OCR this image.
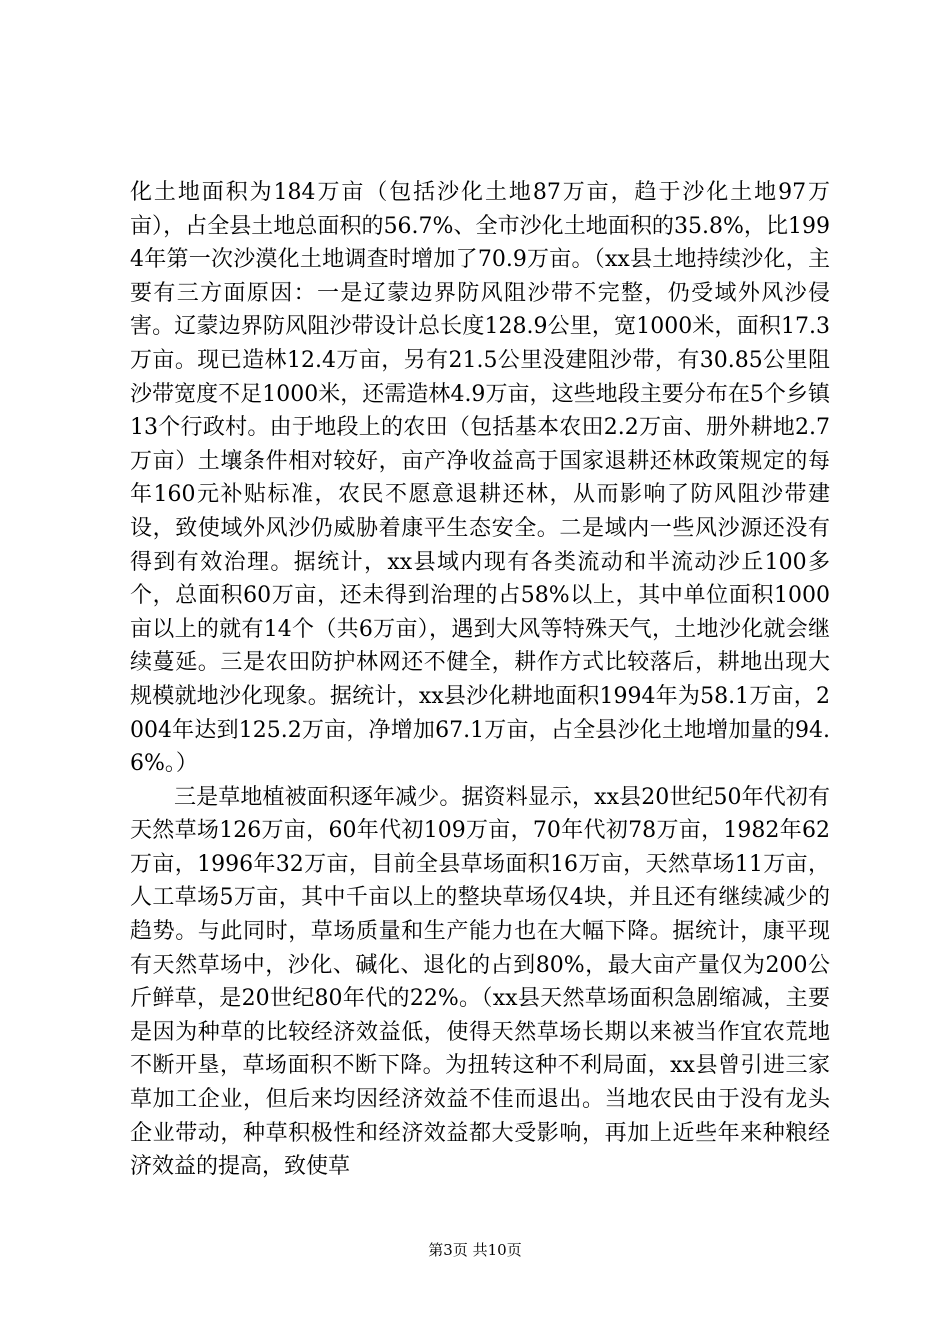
化土地面积为184万亩（包括沙化土地87万亩，趋于沙化土地97万亩），占全县土地总面积的56.7%、全市沙化土地面积的35.8%，比1994年第一次沙漠化土地调查时增加了70.9万亩。（xx县土地持续沙化，主要有三方面原因：一是辽蒙边界防风阻沙带不完整，仍受域外风沙侵害。辽蒙边界防风阻沙带设计总长度128.9公里，宽1000米，面积17.3万亩。现已造林12.4万亩，另有21.5公里没建阻沙带，有30.85公里阻沙带宽度不足1000米，还需造林4.9万亩，这些地段主要分布在5个乡镇13个行政村。由于地段上的农田（包括基本农田2.2万亩、册外耕地2.7万亩）土壤条件相对较好，亩产净收益高于国家退耕还林政策规定的每年160元补贴标准，农民不愿意退耕还林，从而影响了防风阻沙带建设，致使域外风沙仍威胁着康平生态安全。二是域内一些风沙源还没有得到有效治理。据统计，xx县域内现有各类流动和半流动沙丘100多个，总面积60万亩，还未得到治理的占58%以上，其中单位面积1000亩以上的就有14个（共6万亩），遇到大风等特殊天气，土地沙化就会继续蔓延。三是农田防护林网还不健全，耕作方式比较落后，耕地出现大规模就地沙化现象。据统计，xx县沙化耕地面积1994年为58.1万亩，2004年达到125.2万亩，净增加67.1万亩，占全县沙化土地增加量的94.6%。）

三是草地植被面积逐年减少。据资料显示，xx县20世纪50年代初有天然草场126万亩，60年代初109万亩，70年代初78万亩，1982年62万亩，1996年32万亩，目前全县草场面积16万亩，天然草场11万亩，人工草场5万亩，其中千亩以上的整块草场仅4块，并且还有继续减少的趋势。与此同时，草场质量和生产能力也在大幅下降。据统计，康平现有天然草场中，沙化、碱化、退化的占到80%，最大亩产量仅为200公斤鲜草，是20世纪80年代的22%。（xx县天然草场面积急剧缩减，主要是因为种草的比较经济效益低，使得天然草场长期以来被当作宜农荒地不断开垦，草场面积不断下降。为扭转这种不利局面，xx县曾引进三家草加工企业，但后来均因经济效益不佳而退出。当地农民由于没有龙头企业带动，种草积极性和经济效益都大受影响，再加上近些年来种粮经济效益的提高，致使草

第3页 共10页
